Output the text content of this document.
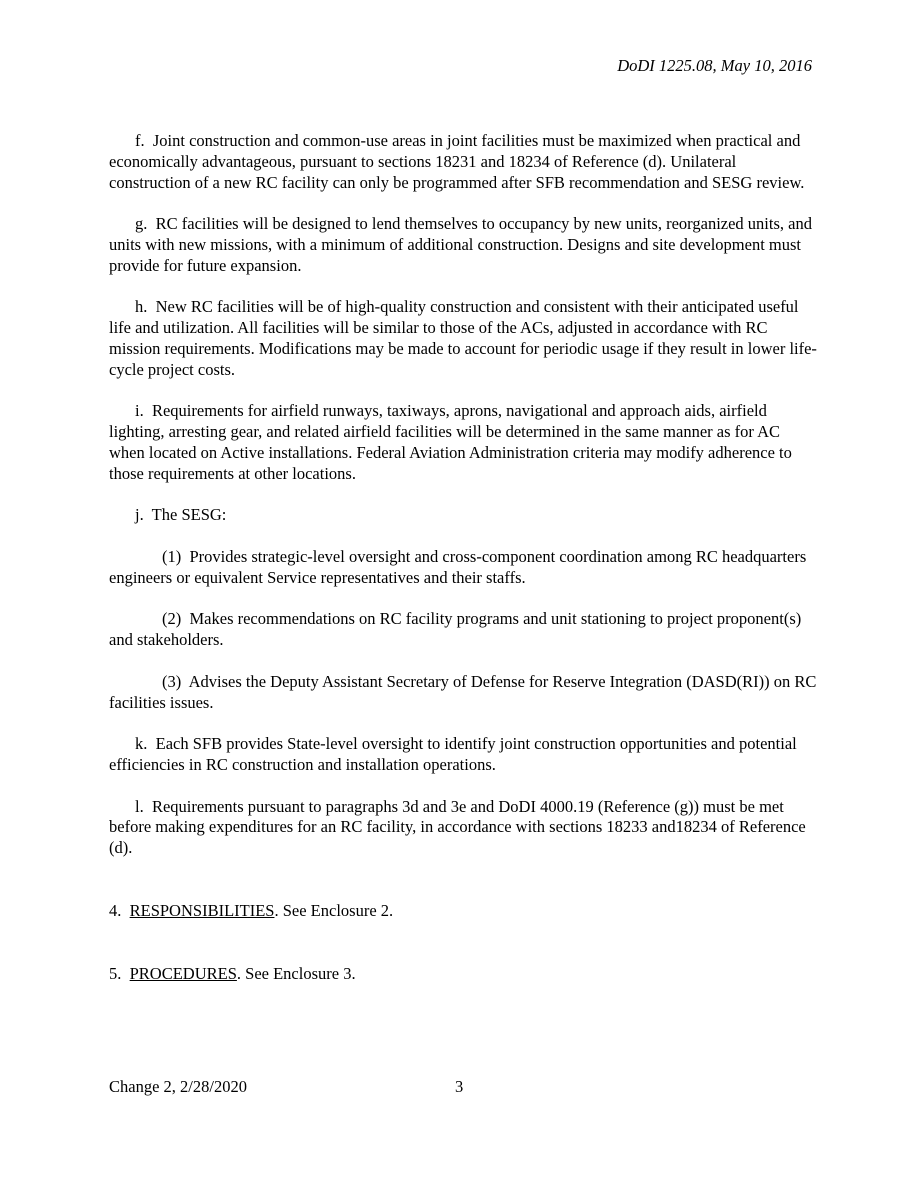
DoDI 1225.08, May 10, 2016

f. Joint construction and common-use areas in joint facilities must be maximized when practical and economically advantageous, pursuant to sections 18231 and 18234 of Reference (d). Unilateral construction of a new RC facility can only be programmed after SFB recommendation and SESG review.

g. RC facilities will be designed to lend themselves to occupancy by new units, reorganized units, and units with new missions, with a minimum of additional construction. Designs and site development must provide for future expansion.

h. New RC facilities will be of high-quality construction and consistent with their anticipated useful life and utilization. All facilities will be similar to those of the ACs, adjusted in accordance with RC mission requirements. Modifications may be made to account for periodic usage if they result in lower life-cycle project costs.

i. Requirements for airfield runways, taxiways, aprons, navigational and approach aids, airfield lighting, arresting gear, and related airfield facilities will be determined in the same manner as for AC when located on Active installations. Federal Aviation Administration criteria may modify adherence to those requirements at other locations.

j. The SESG:

(1) Provides strategic-level oversight and cross-component coordination among RC headquarters engineers or equivalent Service representatives and their staffs.

(2) Makes recommendations on RC facility programs and unit stationing to project proponent(s) and stakeholders.

(3) Advises the Deputy Assistant Secretary of Defense for Reserve Integration (DASD(RI)) on RC facilities issues.

k. Each SFB provides State-level oversight to identify joint construction opportunities and potential efficiencies in RC construction and installation operations.

l. Requirements pursuant to paragraphs 3d and 3e and DoDI 4000.19 (Reference (g)) must be met before making expenditures for an RC facility, in accordance with sections 18233 and18234 of Reference (d).

4. RESPONSIBILITIES. See Enclosure 2.

5. PROCEDURES. See Enclosure 3.

Change 2, 2/28/2020	3
